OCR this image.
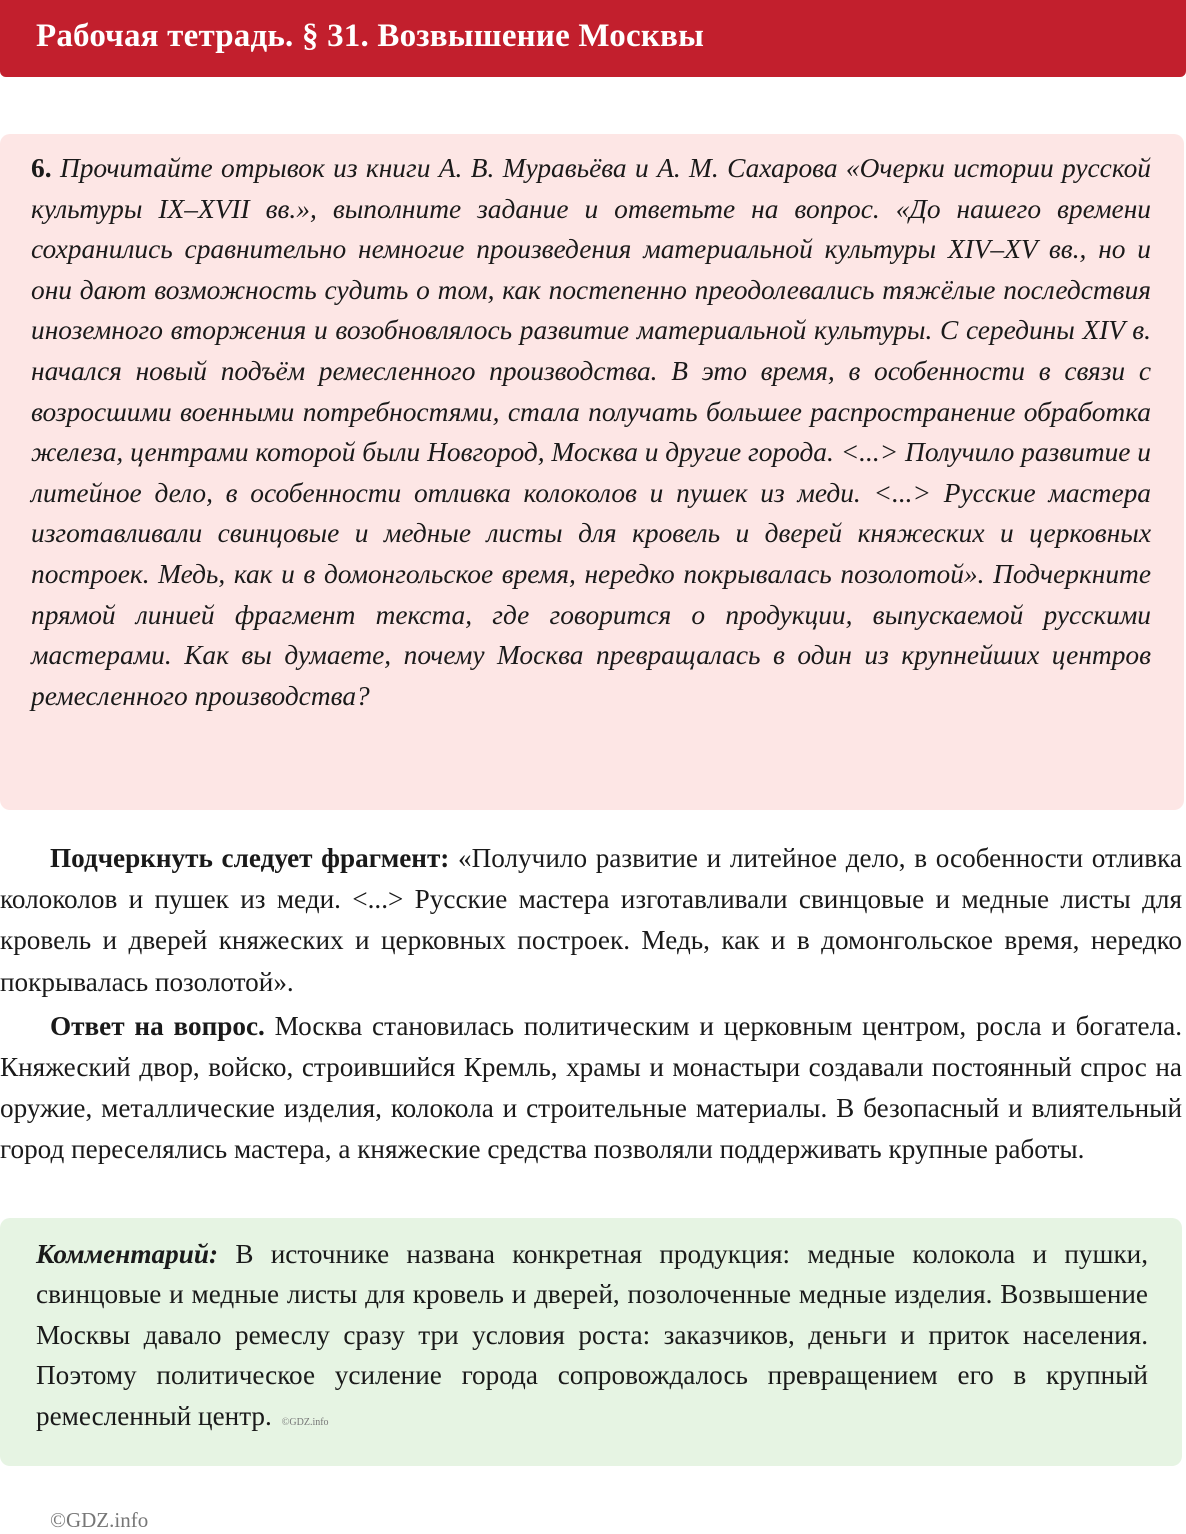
Рабочая тетрадь. § 31. Возвышение Москвы

6. Прочитайте отрывок из книги А. В. Муравьёва и А. М. Сахарова «Очерки истории русской культуры IX–XVII вв.», выполните задание и ответьте на вопрос. «До нашего времени сохранились сравнительно немногие произведения материальной культуры XIV–XV вв., но и они дают возможность судить о том, как постепенно преодолевались тяжёлые последствия иноземного вторжения и возобновлялось развитие материальной культуры. С середины XIV в. начался новый подъём ремесленного производства. В это время, в особенности в связи с возросшими военными потребностями, стала получать большее распространение обработка железа, центрами которой были Новгород, Москва и другие города. <...> Получило развитие и литейное дело, в особенности отливка колоколов и пушек из меди. <...> Русские мастера изготавливали свинцовые и медные листы для кровель и дверей княжеских и церковных построек. Медь, как и в домонгольское время, нередко покрывалась позолотой». Подчеркните прямой линией фрагмент текста, где говорится о продукции, выпускаемой русскими мастерами. Как вы думаете, почему Москва превращалась в один из крупнейших центров ремесленного производства?

Подчеркнуть следует фрагмент: «Получило развитие и литейное дело, в особенности отливка колоколов и пушек из меди. <...> Русские мастера изготавливали свинцовые и медные листы для кровель и дверей княжеских и церковных построек. Медь, как и в домонгольское время, нередко покрывалась позолотой».

Ответ на вопрос. Москва становилась политическим и церковным центром, росла и богатела. Княжеский двор, войско, строившийся Кремль, храмы и монастыри создавали постоянный спрос на оружие, металлические изделия, колокола и строительные материалы. В безопасный и влиятельный город переселялись мастера, а княжеские средства позволяли поддерживать крупные работы.

Комментарий: В источнике названа конкретная продукция: медные колокола и пушки, свинцовые и медные листы для кровель и дверей, позолоченные медные изделия. Возвышение Москвы давало ремеслу сразу три условия роста: заказчиков, деньги и приток населения. Поэтому политическое усиление города сопровождалось превращением его в крупный ремесленный центр. ©GDZ.info

©GDZ.info
